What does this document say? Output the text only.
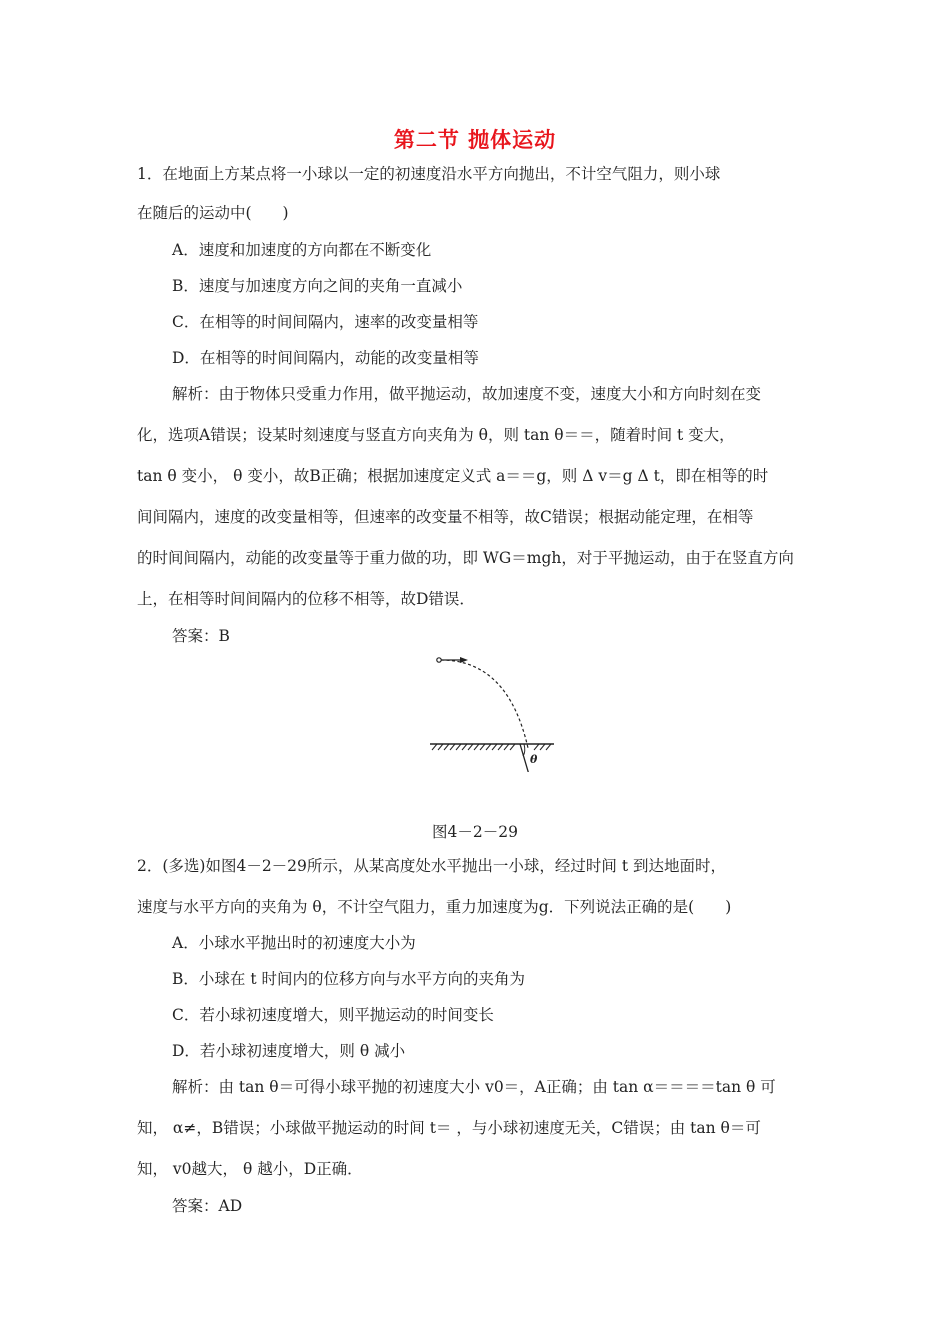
第二节 抛体运动
1．在地面上方某点将一小球以一定的初速度沿水平方向抛出，不计空气阻力，则小球
在随后的运动中(　　)
A．速度和加速度的方向都在不断变化
B．速度与加速度方向之间的夹角一直减小
C．在相等的时间间隔内，速率的改变量相等
D．在相等的时间间隔内，动能的改变量相等
解析：由于物体只受重力作用，做平抛运动，故加速度不变，速度大小和方向时刻在变
化，选项A错误；设某时刻速度与竖直方向夹角为 θ，则 tan θ＝＝，随着时间 t 变大，
tan θ 变小， θ 变小，故B正确；根据加速度定义式 a＝＝g，则 Δ v＝g Δ t，即在相等的时
间间隔内，速度的改变量相等，但速率的改变量不相等，故C错误；根据动能定理，在相等
的时间间隔内，动能的改变量等于重力做的功，即 WG＝mgh，对于平抛运动，由于在竖直方向
上，在相等时间间隔内的位移不相等，故D错误．
答案：B
θ
图4－2－29
2．(多选)如图4－2－29所示，从某高度处水平抛出一小球，经过时间 t 到达地面时，
速度与水平方向的夹角为 θ，不计空气阻力，重力加速度为g．下列说法正确的是(　　)
A．小球水平抛出时的初速度大小为
B．小球在 t 时间内的位移方向与水平方向的夹角为
C．若小球初速度增大，则平抛运动的时间变长
D．若小球初速度增大，则 θ 减小
解析：由 tan θ＝可得小球平抛的初速度大小 v0＝，A正确；由 tan α＝＝＝＝tan θ 可
知， α≠，B错误；小球做平抛运动的时间 t＝ ，与小球初速度无关，C错误；由 tan θ＝可
知， v0越大， θ 越小，D正确．
答案：AD
